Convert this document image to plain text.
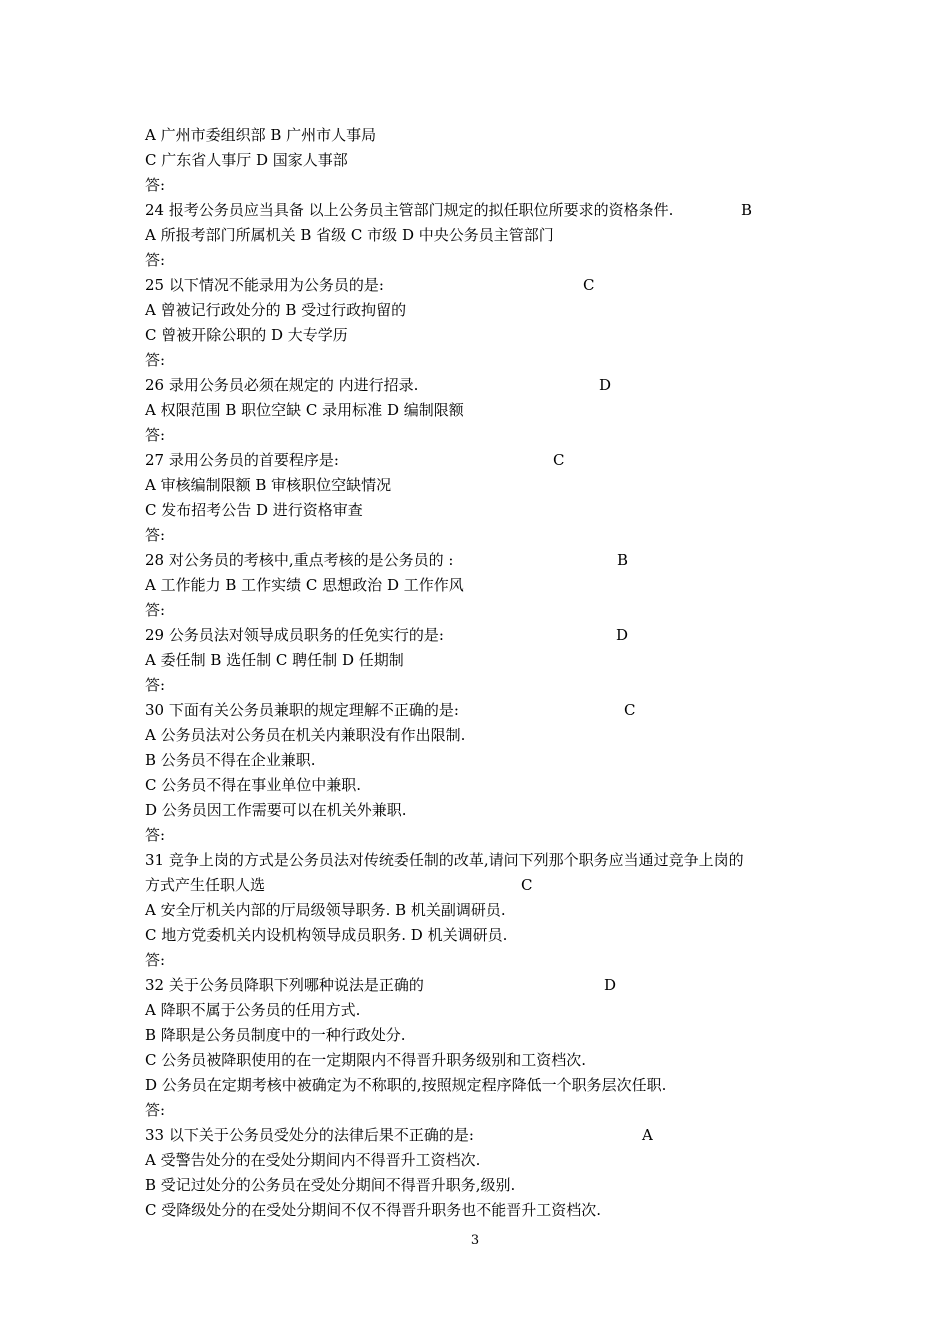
A 广州市委组织部 B 广州市人事局
C 广东省人事厅 D 国家人事部
答:
24 报考公务员应当具备 以上公务员主管部门规定的拟任职位所要求的资格条件.	B
A 所报考部门所属机关 B 省级 C 市级 D 中央公务员主管部门
答:
25 以下情况不能录用为公务员的是:	C
A 曾被记行政处分的 B 受过行政拘留的
C 曾被开除公职的 D 大专学历
答:
26 录用公务员必须在规定的 内进行招录.	D
A 权限范围 B 职位空缺 C 录用标准 D 编制限额
答:
27 录用公务员的首要程序是:	C
A 审核编制限额 B 审核职位空缺情况
C 发布招考公告 D 进行资格审查
答:
28 对公务员的考核中,重点考核的是公务员的 :	B
A 工作能力 B 工作实绩 C 思想政治 D 工作作风
答:
29 公务员法对领导成员职务的任免实行的是:	D
A 委任制 B 选任制 C 聘任制 D 任期制
答:
30 下面有关公务员兼职的规定理解不正确的是:	C
A 公务员法对公务员在机关内兼职没有作出限制.
B 公务员不得在企业兼职.
C 公务员不得在事业单位中兼职.
D 公务员因工作需要可以在机关外兼职.
答:
31 竞争上岗的方式是公务员法对传统委任制的改革,请问下列那个职务应当通过竞争上岗的
方式产生任职人选	C
A 安全厅机关内部的厅局级领导职务. B 机关副调研员.
C 地方党委机关内设机构领导成员职务. D 机关调研员.
答:
32 关于公务员降职下列哪种说法是正确的	D
A 降职不属于公务员的任用方式.
B 降职是公务员制度中的一种行政处分.
C 公务员被降职使用的在一定期限内不得晋升职务级别和工资档次.
D 公务员在定期考核中被确定为不称职的,按照规定程序降低一个职务层次任职.
答:
33 以下关于公务员受处分的法律后果不正确的是:	A
A 受警告处分的在受处分期间内不得晋升工资档次.
B 受记过处分的公务员在受处分期间不得晋升职务,级别.
C 受降级处分的在受处分期间不仅不得晋升职务也不能晋升工资档次.
3
